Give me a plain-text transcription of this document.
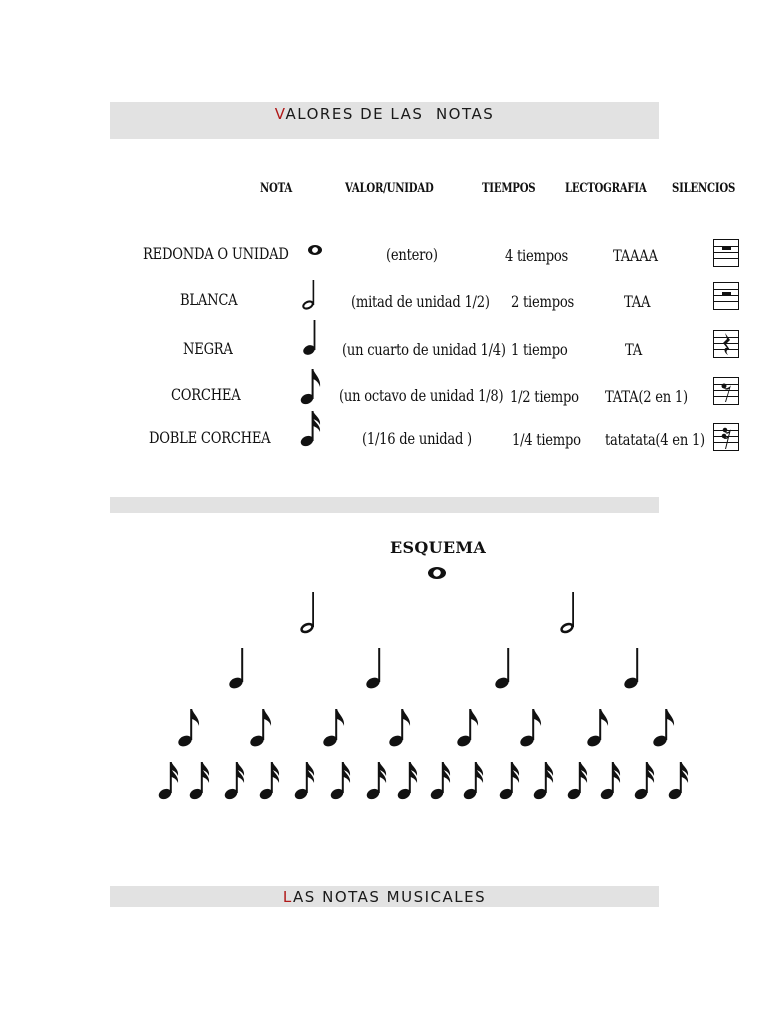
VALORES DE LAS  NOTAS
NOTA	VALOR/UNIDAD	TIEMPOS LECTOGRAFIA SILENCIOS
REDONDA O UNIDAD	(entero)	4 tiempos	TAAAA
BLANCA	(mitad de unidad 1/2) 2 tiempos	TAA
NEGRA	(un cuarto de unidad 1/4) 1 tiempo	TA
CORCHEA	(un octavo de unidad 1/8) 1/2 tiempo TATA(2 en 1)
DOBLE CORCHEA	(1/16 de unidad )	1/4 tiempo tatatata(4 en 1)
ESQUEMA
LAS NOTAS MUSICALES
